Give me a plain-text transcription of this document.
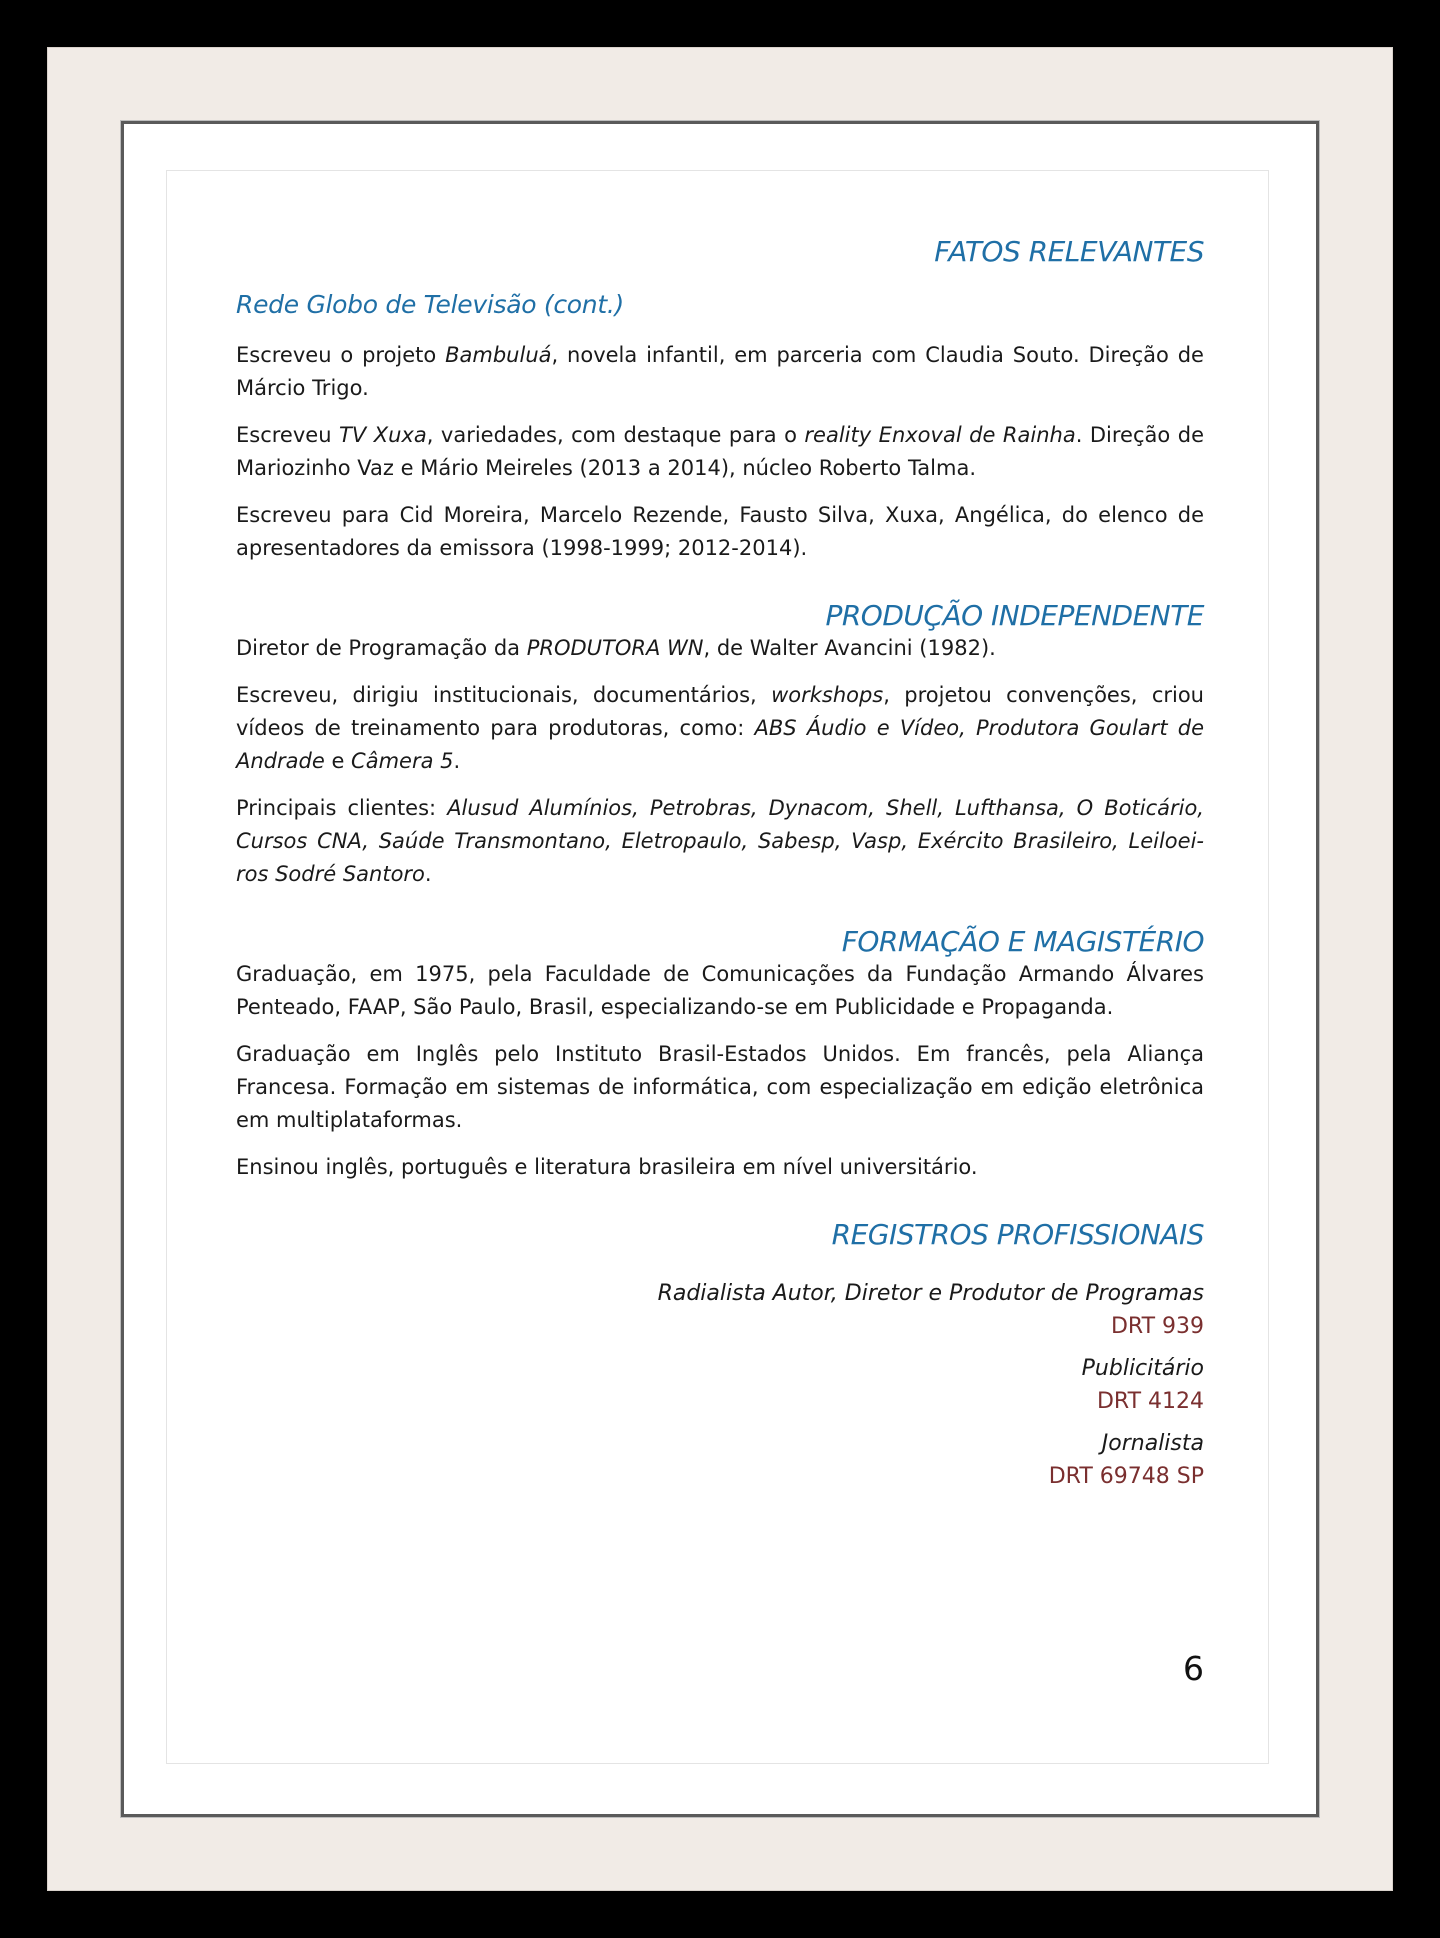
FATOS RELEVANTES
Rede Globo de Televisão (cont.)

Escreveu o projeto Bambuluá, novela infantil, em parceria com Claudia Souto. Direção de Márcio Trigo.

Escreveu TV Xuxa, variedades, com destaque para o reality Enxoval de Rainha. Direção de Mariozinho Vaz e Mário Meireles (2013 a 2014), núcleo Roberto Talma.

Escreveu para Cid Moreira, Marcelo Rezende, Fausto Silva, Xuxa, Angélica, do elenco de apresentadores da emissora (1998-1999; 2012-2014).

PRODUÇÃO INDEPENDENTE

Diretor de Programação da PRODUTORA WN, de Walter Avancini (1982).

Escreveu, dirigiu institucionais, documentários, workshops, projetou convenções, criou vídeos de treinamento para produtoras, como: ABS Áudio e Vídeo, Produtora Goulart de Andrade e Câmera 5.

Principais clientes: Alusud Alumínios, Petrobras, Dynacom, Shell, Lufthansa, O Boticário, Cursos CNA, Saúde Transmontano, Eletropaulo, Sabesp, Vasp, Exército Brasileiro, Leiloei-ros Sodré Santoro.

FORMAÇÃO E MAGISTÉRIO

Graduação, em 1975, pela Faculdade de Comunicações da Fundação Armando Álvares Penteado, FAAP, São Paulo, Brasil, especializando-se em Publicidade e Propaganda.

Graduação em Inglês pelo Instituto Brasil-Estados Unidos. Em francês, pela Aliança Francesa. Formação em sistemas de informática, com especialização em edição eletrônica em multiplataformas.

Ensinou inglês, português e literatura brasileira em nível universitário.

REGISTROS PROFISSIONAIS
Radialista Autor, Diretor e Produtor de Programas
DRT 939
Publicitário
DRT 4124
Jornalista
DRT 69748 SP
6
